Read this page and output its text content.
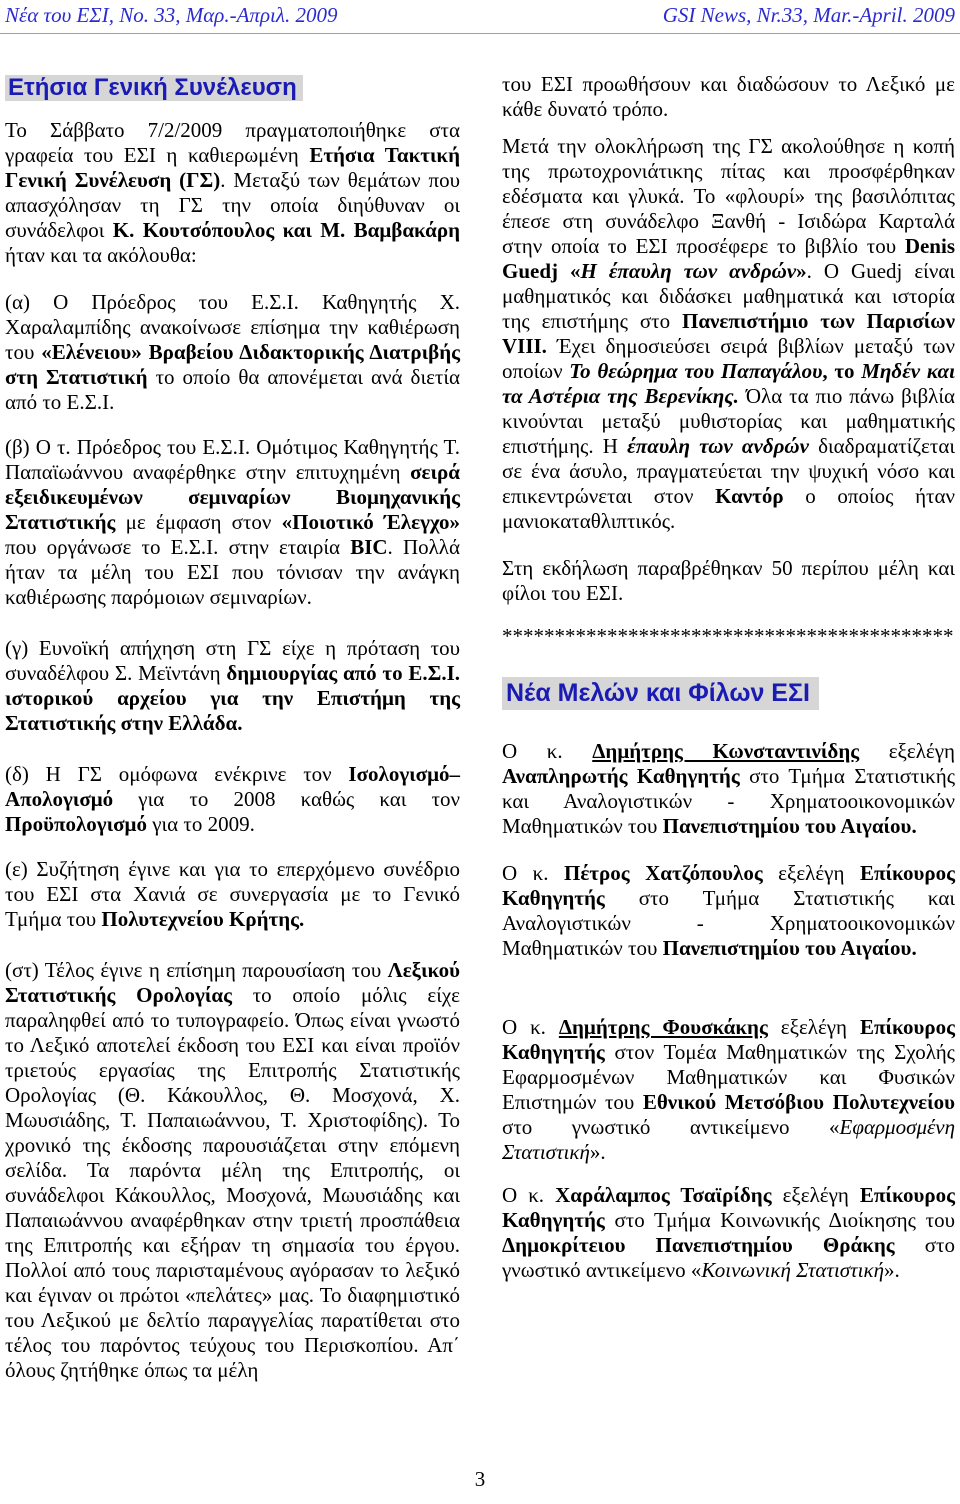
Νέα του ΕΣΙ, Νο. 33, Μαρ.-Απριλ. 2009	GSI News, Nr.33, Mar.-April. 2009
Ετήσια Γενική Συνέλευση

Το Σάββατο 7/2/2009 πραγματοποιήθηκε στα γραφεία του ΕΣΙ η καθιερωμένη Ετήσια Τακτική Γενική Συνέλευση (ΓΣ). Μεταξύ των θεμάτων που απασχόλησαν τη ΓΣ την οποία διηύθυναν οι συνάδελφοι Κ. Κουτσόπουλος και Μ. Βαμβακάρη ήταν και τα ακόλουθα:

(α) Ο Πρόεδρος του Ε.Σ.Ι. Καθηγητής Χ. Χαραλαμπίδης ανακοίνωσε επίσημα την καθιέρωση του «Ελένειου» Βραβείου Διδακτορικής Διατριβής στη Στατιστική το οποίο θα απονέμεται ανά διετία από το Ε.Σ.Ι.

(β) Ο τ. Πρόεδρος του Ε.Σ.Ι. Ομότιμος Καθηγητής Τ. Παπαϊωάννου αναφέρθηκε στην επιτυχημένη σειρά εξειδικευμένων σεμιναρίων Βιομηχανικής Στατιστικής με έμφαση στον «Ποιοτικό Έλεγχο» που οργάνωσε το Ε.Σ.Ι. στην εταιρία BIC. Πολλά ήταν τα μέλη του ΕΣΙ που τόνισαν την ανάγκη καθιέρωσης παρόμοιων σεμιναρίων.

(γ) Ευνοϊκή απήχηση στη ΓΣ είχε η πρόταση του συναδέλφου Σ. Μεϊντάνη δημιουργίας από το Ε.Σ.Ι. ιστορικού αρχείου για την Επιστήμη της Στατιστικής στην Ελλάδα.

(δ) Η ΓΣ ομόφωνα ενέκρινε τον Ισολογισμό– Απολογισμό για το 2008 καθώς και τον Προϋπολογισμό για το 2009.

(ε) Συζήτηση έγινε και για το επερχόμενο συνέδριο του ΕΣΙ στα Χανιά σε συνεργασία με το Γενικό Τμήμα του Πολυτεχνείου Κρήτης.

(στ) Τέλος έγινε η επίσημη παρουσίαση του Λεξικού Στατιστικής Ορολογίας το οποίο μόλις είχε παραληφθεί από το τυπογραφείο. Όπως είναι γνωστό το Λεξικό αποτελεί έκδοση του ΕΣΙ και είναι προϊόν τριετούς εργασίας της Επιτροπής Στατιστικής Ορολογίας (Θ. Κάκουλλος, Θ. Μοσχονά, Χ. Μωυσιάδης, Τ. Παπαιωάννου, Τ. Χριστοφίδης). Το χρονικό της έκδοσης παρουσιάζεται στην επόμενη σελίδα. Τα παρόντα μέλη της Επιτροπής, οι συνάδελφοι Κάκουλλος, Μοσχονά, Μωυσιάδης και Παπαιωάννου αναφέρθηκαν στην τριετή προσπάθεια της Επιτροπής και εξήραν τη σημασία του έργου. Πολλοί από τους παρισταμένους αγόρασαν το λεξικό και έγιναν οι πρώτοι «πελάτες» μας. Το διαφημιστικό του Λεξικού με δελτίο παραγγελίας παρατίθεται στο τέλος του παρόντος τεύχους του Περισκοπίου. Απ΄ όλους ζητήθηκε όπως τα μέλη

του ΕΣΙ προωθήσουν και διαδώσουν το Λεξικό με κάθε δυνατό τρόπο.

Μετά την ολοκλήρωση της ΓΣ ακολούθησε η κοπή της πρωτοχρονιάτικης πίτας και προσφέρθηκαν εδέσματα και γλυκά. Το «φλουρί» της βασιλόπιτας έπεσε στη συνάδελφο Ξανθή - Ισιδώρα Καρταλά στην οποία το ΕΣΙ προσέφερε το βιβλίο του Denis Guedj «Η έπαυλη των ανδρών». Ο Guedj είναι μαθηματικός και διδάσκει μαθηματικά και ιστορία της επιστήμης στο Πανεπιστήμιο των Παρισίων VIII. Έχει δημοσιεύσει σειρά βιβλίων μεταξύ των οποίων Το θεώρημα του Παπαγάλου, το Μηδέν και τα Αστέρια της Βερενίκης. Όλα τα πιο πάνω βιβλία κινούνται μεταξύ μυθιστορίας και μαθηματικής επιστήμης. Η έπαυλη των ανδρών διαδραματίζεται σε ένα άσυλο, πραγματεύεται την ψυχική νόσο και επικεντρώνεται στον Καντόρ ο οποίος ήταν μανιοκαταθλιπτικός.

Στη εκδήλωση παραβρέθηκαν 50 περίπου μέλη και φίλοι του ΕΣΙ.

*******************************************

Νέα Μελών και Φίλων ΕΣΙ

Ο κ. Δημήτρης Κωνσταντινίδης εξελέγη Αναπληρωτής Καθηγητής στο Τμήμα Στατιστικής και Αναλογιστικών - Χρηματοοικονομικών Μαθηματικών του Πανεπιστημίου του Αιγαίου.

Ο κ. Πέτρος Χατζόπουλος εξελέγη Επίκουρος Καθηγητής στο Τμήμα Στατιστικής και Αναλογιστικών - Χρηματοοικονομικών Μαθηματικών του Πανεπιστημίου του Αιγαίου.

Ο κ. Δημήτρης Φουσκάκης εξελέγη Επίκουρος Καθηγητής στον Τομέα Μαθηματικών της Σχολής Εφαρμοσμένων Μαθηματικών και Φυσικών Επιστημών του Εθνικού Μετσόβιου Πολυτεχνείου στο γνωστικό αντικείμενο «Εφαρμοσμένη Στατιστική».

Ο κ. Χαράλαμπος Τσαϊρίδης εξελέγη Επίκουρος Καθηγητής στο Τμήμα Κοινωνικής Διοίκησης του Δημοκρίτειου Πανεπιστημίου Θράκης στο γνωστικό αντικείμενο «Κοινωνική Στατιστική».

3
